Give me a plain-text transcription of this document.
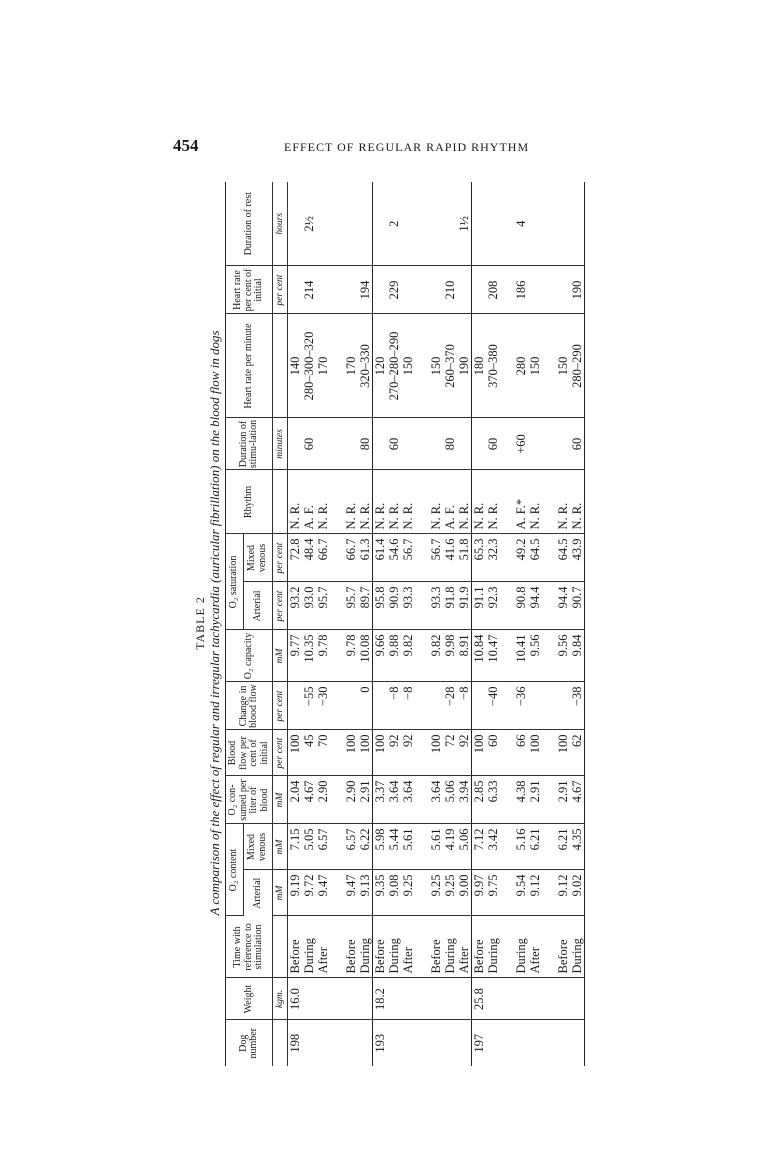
454	EFFECT OF REGULAR RAPID RHYTHM
TABLE 2 A comparison of the effect of regular and irregular tachycardia (auricular fibrillation) on the blood flow in dogs
Dog number	Weight	Time with reference to stimulation	O₂ content		O₂ con-sumed per liter of blood	Blood flow per cent of initial	Change in blood flow	O₂ capacity	O₂ saturation		Rhythm	Duration of stimu-lation	Heart rate per minute	Heart rate per cent of initial	Duration of rest
			Arterial	Mixed venous					Arterial	Mixed venous					
	kgm.		mM	mM	mM	per cent	per cent	mM	per cent	per cent		minutes		per cent	hours
198	16.0	Before	9.19	7.15	2.04	100		9.77	93.2	72.8	N. R.		140		
		During	9.72	5.05	4.67	45	−55	10.35	93.0	48.4	A. F.	60	280–300–320	214	2½
		After	9.47	6.57	2.90	70	−30	9.78	95.7	66.7	N. R.		170		

		Before	9.47	6.57	2.90	100		9.78	95.7	66.7	N. R.		170		
		During	9.13	6.22	2.91	100	0	10.08	89.7	61.3	N. R.	80	320–330	194	
193	18.2	Before	9.35	5.98	3.37	100		9.66	95.8	61.4	N. R.		120		
		During	9.08	5.44	3.64	92	−8	9.88	90.9	54.6	N. R.	60	270–280–290	229	2
		After	9.25	5.61	3.64	92	−8	9.82	93.3	56.7	N. R.		150		

		Before	9.25	5.61	3.64	100		9.82	93.3	56.7	N. R.		150		
		During	9.25	4.19	5.06	72	−28	9.98	91.8	41.6	A. F.	80	260–370	210	
		After	9.00	5.06	3.94	92	−8	8.91	91.9	51.8	N. R.		190		1½
197	25.8	Before	9.97	7.12	2.85	100		10.84	91.1	65.3	N. R.		180		
		During	9.75	3.42	6.33	60	−40	10.47	92.3	32.3	N. R.	60	370–380	208	

		During	9.54	5.16	4.38	66	−36	10.41	90.8	49.2	A. F.*	+60	280	186	4
		After	9.12	6.21	2.91	100		9.56	94.4	64.5	N. R.		150		

		Before	9.12	6.21	2.91	100		9.56	94.4	64.5	N. R.		150		
		During	9.02	4.35	4.67	62	−38	9.84	90.7	43.9	N. R.	60	280–290	190	
